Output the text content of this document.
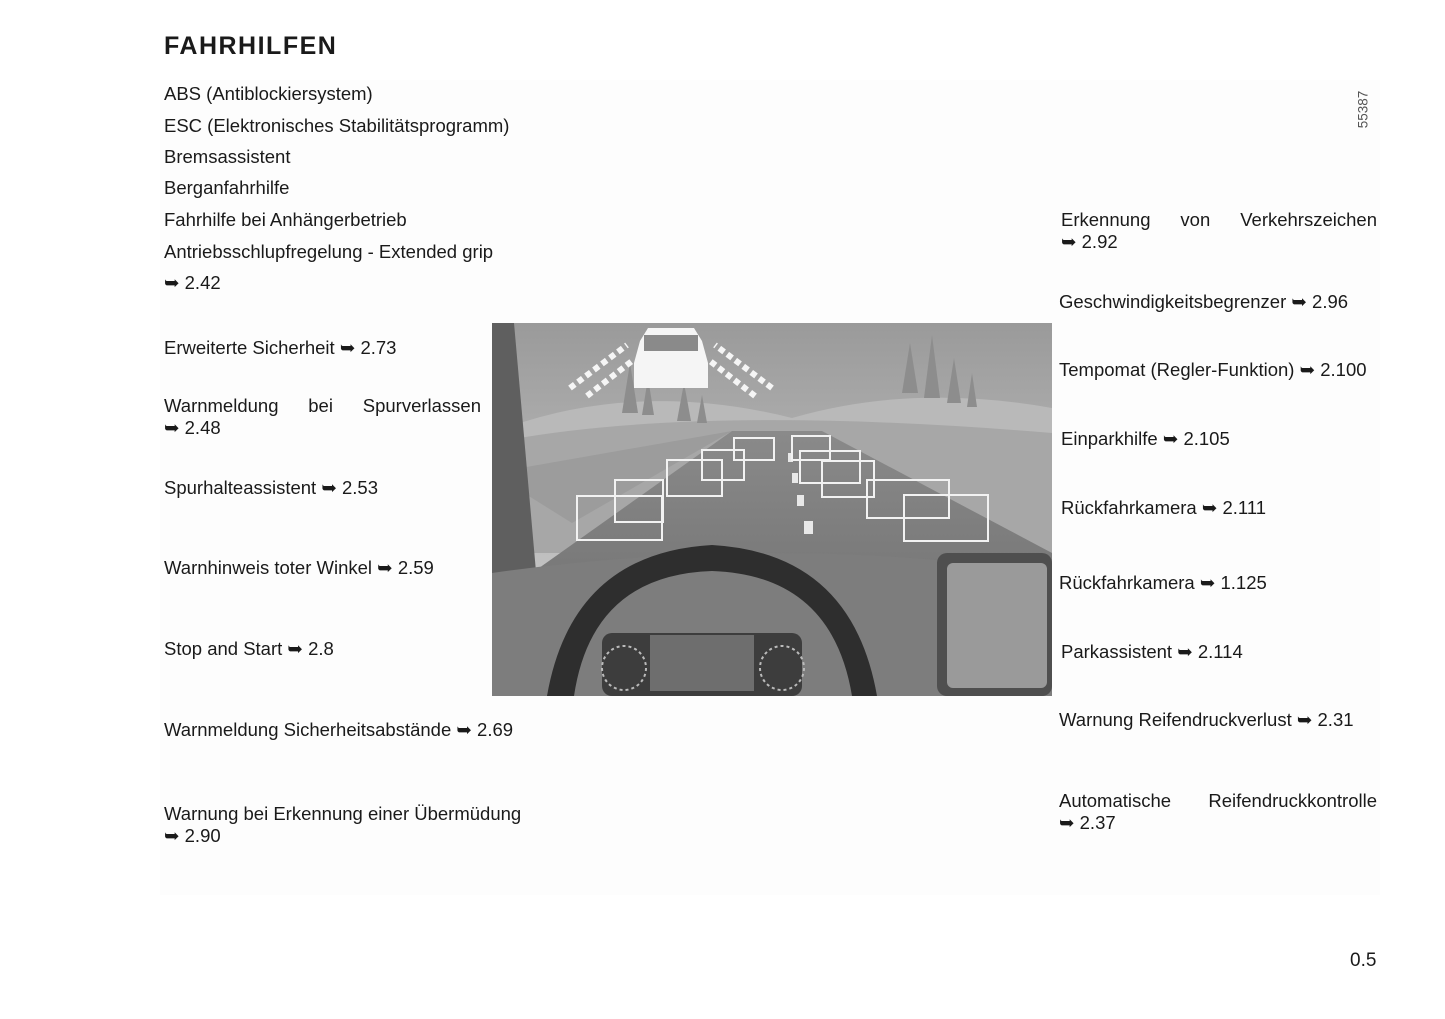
FAHRHILFEN
ABS (Antiblockiersystem)
ESC (Elektronisches Stabilitätsprogramm)
Bremsassistent
Berganfahrhilfe
Fahrhilfe bei Anhängerbetrieb
Antriebsschlupfregelung - Extended grip
➥ 2.42
Erweiterte Sicherheit ➥ 2.73
Warnmeldung bei Spurverlassen
➥ 2.48
Spurhalteassistent ➥ 2.53
Warnhinweis toter Winkel ➥ 2.59
Stop and Start ➥ 2.8
Warnmeldung Sicherheitsabstände ➥ 2.69
Warnung bei Erkennung einer Übermüdung
➥ 2.90
55387
Erkennung von Verkehrszeichen
➥ 2.92
Geschwindigkeitsbegrenzer ➥ 2.96
Tempomat (Regler-Funktion) ➥ 2.100
Einparkhilfe ➥ 2.105
Rückfahrkamera ➥ 2.111
Rückfahrkamera ➥ 1.125
Parkassistent ➥ 2.114
Warnung Reifendruckverlust ➥ 2.31
Automatische Reifendruckkontrolle
➥ 2.37
0.5
